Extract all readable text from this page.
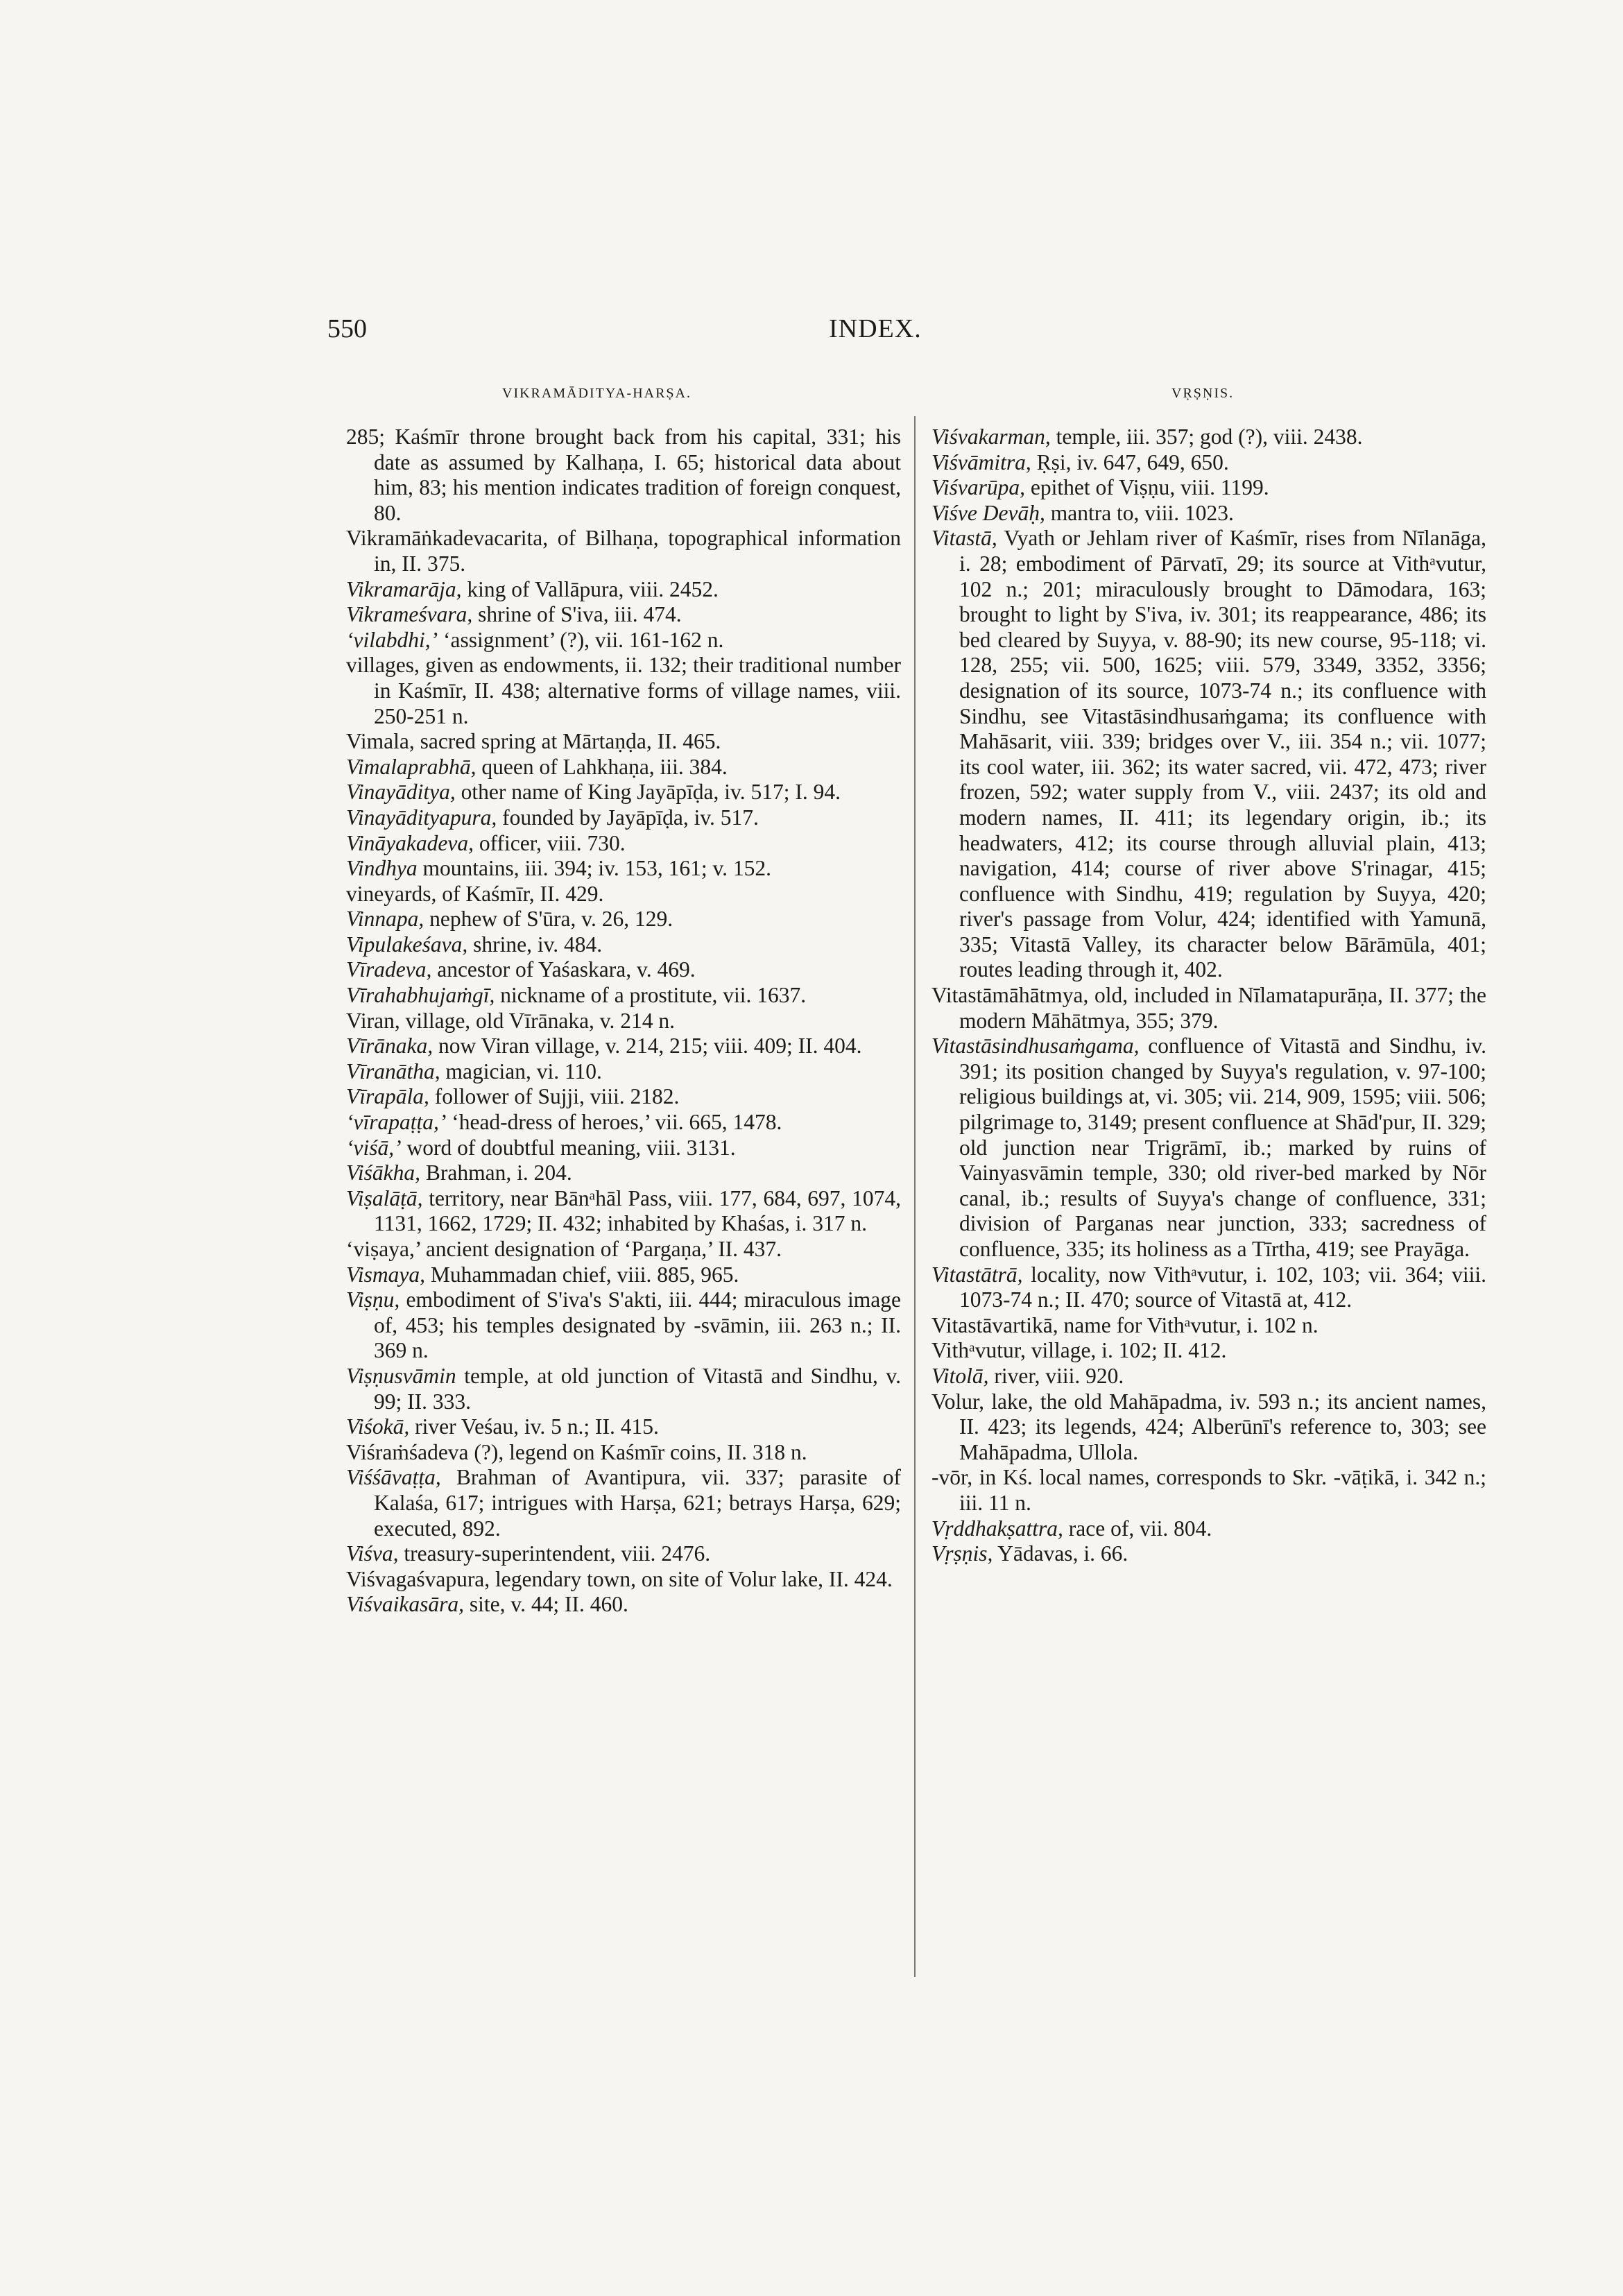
550	INDEX.
VIKRAMĀDITYA-HARṢA.	VṚṢṆIS.
285; Kaśmīr throne brought back from his capital, 331; his date as assumed by Kalhaṇa, I. 65; historical data about him, 83; his mention indicates tradition of foreign conquest, 80.
Vikramāṅkadevacarita, of Bilhaṇa, topographical information in, II. 375.
Vikramarāja, king of Vallāpura, viii. 2452.
Vikrameśvara, shrine of S'iva, iii. 474.
‘vilabdhi,’ ‘assignment’ (?), vii. 161-162 n.
villages, given as endowments, ii. 132; their traditional number in Kaśmīr, II. 438; alternative forms of village names, viii. 250-251 n.
Vimala, sacred spring at Mārtaṇḍa, II. 465.
Vimalaprabhā, queen of Lahkhaṇa, iii. 384.
Vinayāditya, other name of King Jayāpīḍa, iv. 517; I. 94.
Vinayādityapura, founded by Jayāpīḍa, iv. 517.
Vināyakadeva, officer, viii. 730.
Vindhya mountains, iii. 394; iv. 153, 161; v. 152.
vineyards, of Kaśmīr, II. 429.
Vinnapa, nephew of S'ūra, v. 26, 129.
Vipulakeśava, shrine, iv. 484.
Vīradeva, ancestor of Yaśaskara, v. 469.
Vīrahabhujaṁgī, nickname of a prostitute, vii. 1637.
Viran, village, old Vīrānaka, v. 214 n.
Vīrānaka, now Viran village, v. 214, 215; viii. 409; II. 404.
Vīranātha, magician, vi. 110.
Vīrapāla, follower of Sujji, viii. 2182.
‘vīrapaṭṭa,’ ‘head-dress of heroes,’ vii. 665, 1478.
‘viśā,’ word of doubtful meaning, viii. 3131.
Viśākha, Brahman, i. 204.
Viṣalāṭā, territory, near Bānᵃhāl Pass, viii. 177, 684, 697, 1074, 1131, 1662, 1729; II. 432; inhabited by Khaśas, i. 317 n.
‘viṣaya,’ ancient designation of ‘Pargaṇa,’ II. 437.
Vismaya, Muhammadan chief, viii. 885, 965.
Viṣṇu, embodiment of S'iva's S'akti, iii. 444; miraculous image of, 453; his temples designated by -svāmin, iii. 263 n.; II. 369 n.
Viṣṇusvāmin temple, at old junction of Vitastā and Sindhu, v. 99; II. 333.
Viśokā, river Veśau, iv. 5 n.; II. 415.
Viśraṁśadeva (?), legend on Kaśmīr coins, II. 318 n.
Viśśāvaṭṭa, Brahman of Avantipura, vii. 337; parasite of Kalaśa, 617; intrigues with Harṣa, 621; betrays Harṣa, 629; executed, 892.
Viśva, treasury-superintendent, viii. 2476.
Viśvagaśvapura, legendary town, on site of Volur lake, II. 424.
Viśvaikasāra, site, v. 44; II. 460.
Viśvakarman, temple, iii. 357; god (?), viii. 2438.
Viśvāmitra, Ṛṣi, iv. 647, 649, 650.
Viśvarūpa, epithet of Viṣṇu, viii. 1199.
Viśve Devāḥ, mantra to, viii. 1023.
Vitastā, Vyath or Jehlam river of Kaśmīr, rises from Nīlanāga, i. 28; embodiment of Pārvatī, 29; its source at Vithᵃvutur, 102 n.; 201; miraculously brought to Dāmodara, 163; brought to light by S'iva, iv. 301; its reappearance, 486; its bed cleared by Suyya, v. 88-90; its new course, 95-118; vi. 128, 255; vii. 500, 1625; viii. 579, 3349, 3352, 3356; designation of its source, 1073-74 n.; its confluence with Sindhu, see Vitastāsindhusaṁgama; its confluence with Mahāsarit, viii. 339; bridges over V., iii. 354 n.; vii. 1077; its cool water, iii. 362; its water sacred, vii. 472, 473; river frozen, 592; water supply from V., viii. 2437; its old and modern names, II. 411; its legendary origin, ib.; its headwaters, 412; its course through alluvial plain, 413; navigation, 414; course of river above S'rinagar, 415; confluence with Sindhu, 419; regulation by Suyya, 420; river's passage from Volur, 424; identified with Yamunā, 335; Vitastā Valley, its character below Bārāmūla, 401; routes leading through it, 402.
Vitastāmāhātmya, old, included in Nīlamatapurāṇa, II. 377; the modern Māhātmya, 355; 379.
Vitastāsindhusaṁgama, confluence of Vitastā and Sindhu, iv. 391; its position changed by Suyya's regulation, v. 97-100; religious buildings at, vi. 305; vii. 214, 909, 1595; viii. 506; pilgrimage to, 3149; present confluence at Shād'pur, II. 329; old junction near Trigrāmī, ib.; marked by ruins of Vainyasvāmin temple, 330; old river-bed marked by Nōr canal, ib.; results of Suyya's change of confluence, 331; division of Parganas near junction, 333; sacredness of confluence, 335; its holiness as a Tīrtha, 419; see Prayāga.
Vitastātrā, locality, now Vithᵃvutur, i. 102, 103; vii. 364; viii. 1073-74 n.; II. 470; source of Vitastā at, 412.
Vitastāvartikā, name for Vithᵃvutur, i. 102 n.
Vithᵃvutur, village, i. 102; II. 412.
Vitolā, river, viii. 920.
Volur, lake, the old Mahāpadma, iv. 593 n.; its ancient names, II. 423; its legends, 424; Alberūnī's reference to, 303; see Mahāpadma, Ullola.
-vōr, in Kś. local names, corresponds to Skr. -vāṭikā, i. 342 n.; iii. 11 n.
Vṛddhakṣattra, race of, vii. 804.
Vṛṣṇis, Yādavas, i. 66.
